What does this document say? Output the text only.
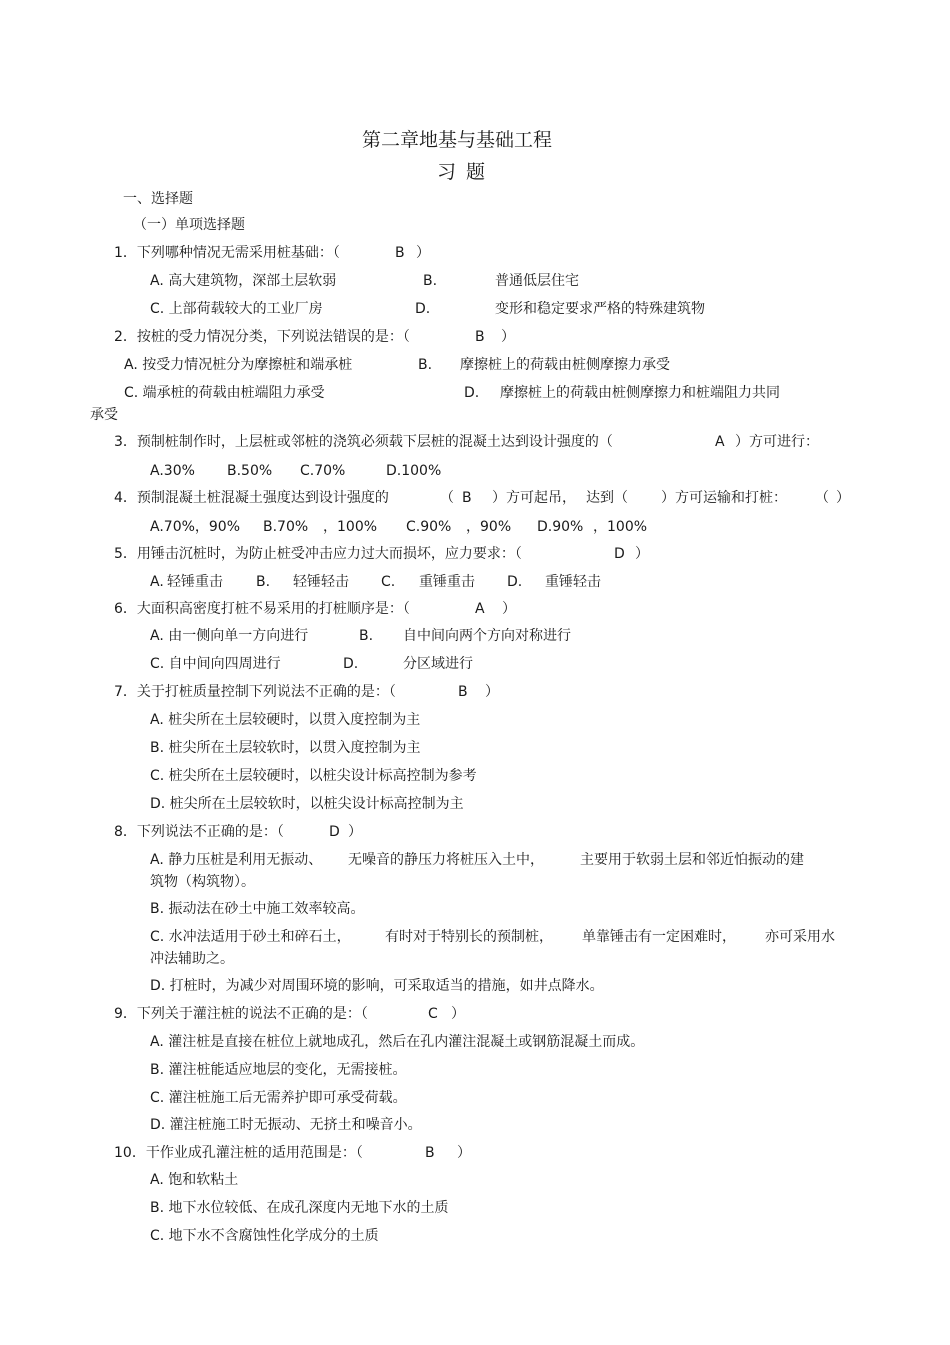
第二章地基与基础工程
习 题
一、选择题
（一）单项选择题
1．下列哪种情况无需采用桩基础：（	B ）
A. 高大建筑物，深部土层软弱	B.	普通低层住宅
C. 上部荷载较大的工业厂房	D.	变形和稳定要求严格的特殊建筑物
2．按桩的受力情况分类，下列说法错误的是：（	B ）
A. 按受力情况桩分为摩擦桩和端承桩	B. 摩擦桩上的荷载由桩侧摩擦力承受
C. 端承桩的荷载由桩端阻力承受	D. 摩擦桩上的荷载由桩侧摩擦力和桩端阻力共同
承受
3．预制桩制作时，上层桩或邻桩的浇筑必须载下层桩的混凝土达到设计强度的（	A ）方可进行：
A.30% B.50% C.70%	D.100%
4．预制混凝土桩混凝土强度达到设计强度的	（ B ）方可起吊， 达到（ ）方可运输和打桩： （ ）
A.70%，90% B.70% ，100% C.90% ，90% D.90% ，100%
5．用锤击沉桩时，为防止桩受冲击应力过大而损坏，应力要求：（	D ）
A. 轻锤重击 B. 轻锤轻击 C. 重锤重击 D. 重锤轻击
6．大面积高密度打桩不易采用的打桩顺序是：（	A ）
A. 由一侧向单一方向进行	B. 自中间向两个方向对称进行
C. 自中间向四周进行	D.	分区域进行
7．关于打桩质量控制下列说法不正确的是：（	B ）
A. 桩尖所在土层较硬时，以贯入度控制为主
B. 桩尖所在土层较软时，以贯入度控制为主
C. 桩尖所在土层较硬时，以桩尖设计标高控制为参考
D. 桩尖所在土层较软时，以桩尖设计标高控制为主
8．下列说法不正确的是：（	D ）
A. 静力压桩是利用无振动、 无噪音的静压力将桩压入土中，	主要用于软弱土层和邻近怕振动的建
筑物（构筑物）。
B. 振动法在砂土中施工效率较高。
C. 水冲法适用于砂土和碎石土， 有时对于特别长的预制桩， 单靠锤击有一定困难时， 亦可采用水
冲法辅助之。
D. 打桩时，为减少对周围环境的影响，可采取适当的措施，如井点降水。
9．下列关于灌注桩的说法不正确的是：（	C ）
A. 灌注桩是直接在桩位上就地成孔，然后在孔内灌注混凝土或钢筋混凝土而成。
B. 灌注桩能适应地层的变化，无需接桩。
C. 灌注桩施工后无需养护即可承受荷载。
D. 灌注桩施工时无振动、无挤土和噪音小。
10．干作业成孔灌注桩的适用范围是：（	B ）
A. 饱和软粘土
B. 地下水位较低、在成孔深度内无地下水的土质
C. 地下水不含腐蚀性化学成分的土质
